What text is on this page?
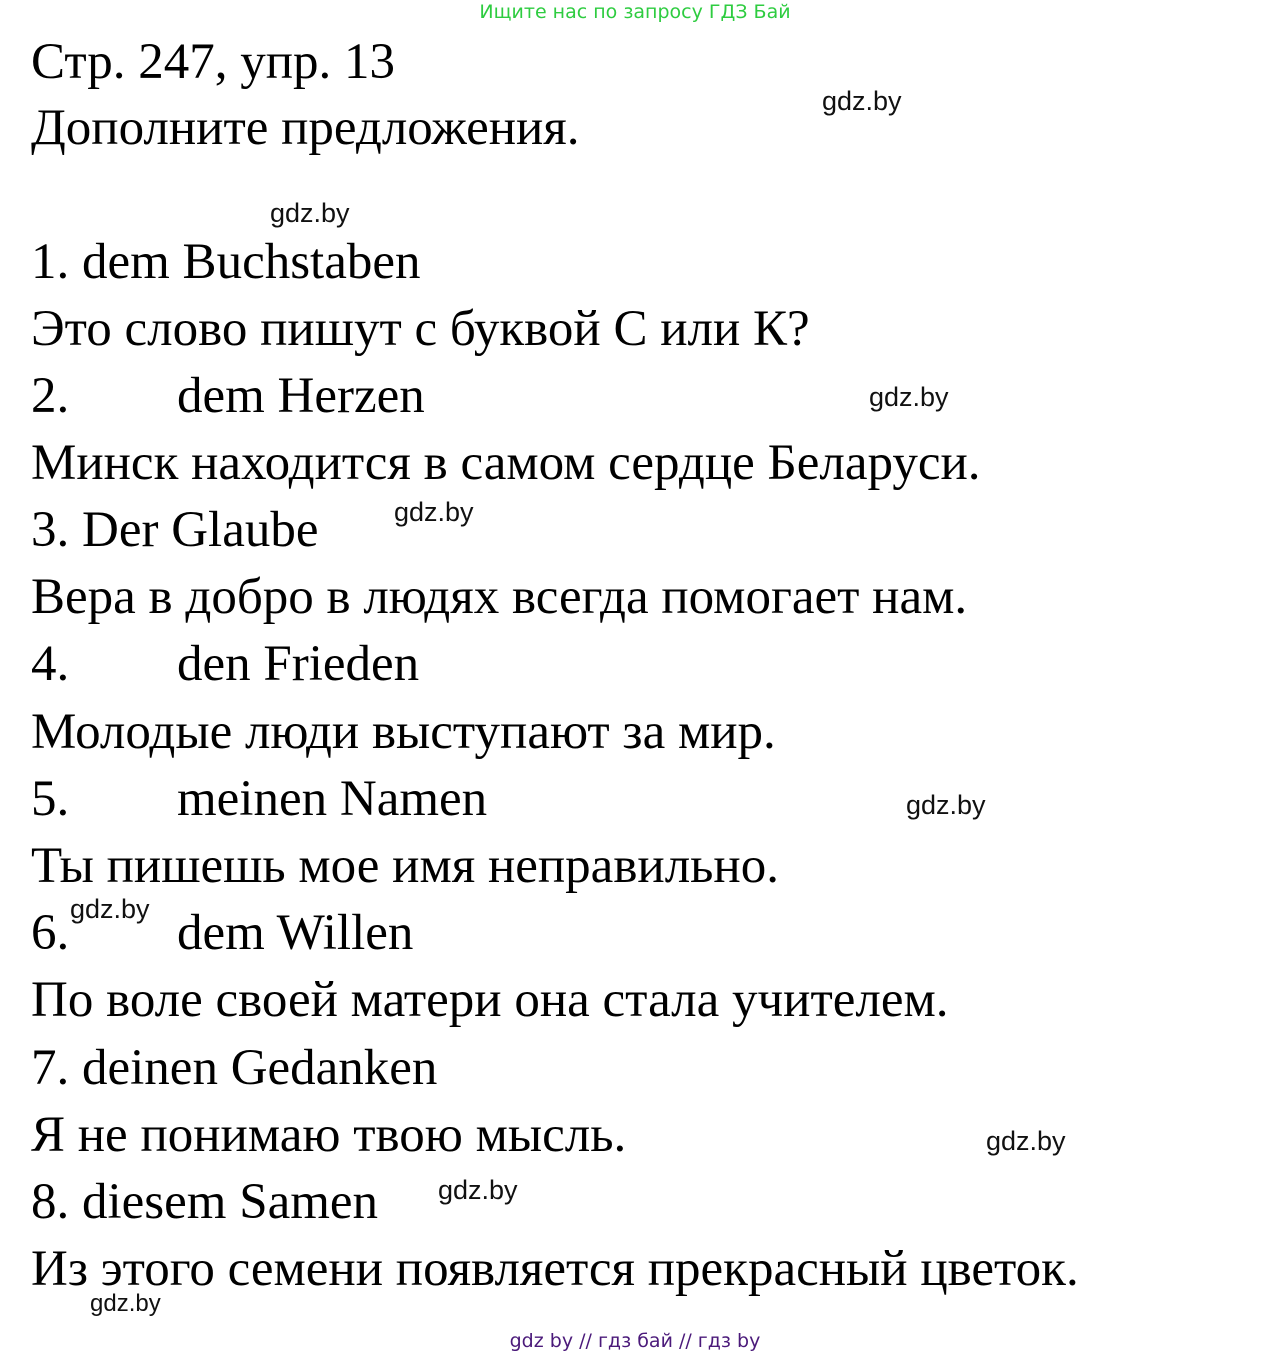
Ищите нас по запросу ГДЗ Бай
Стр. 247, упр. 13
Дополните предложения.
1. dem Buchstaben
Это слово пишут с буквой С или К?
2. dem Herzen
Минск находится в самом сердце Беларуси.
3. Der Glaube
Вера в добро в людях всегда помогает нам.
4. den Frieden
Молодые люди выступают за мир.
5. meinen Namen
Ты пишешь мое имя неправильно.
6. dem Willen
По воле своей матери она стала учителем.
7. deinen Gedanken
Я не понимаю твою мысль.
8. diesem Samen
Из этого семени появляется прекрасный цветок.
gdz.by
gdz.by
gdz.by
gdz.by
gdz.by
gdz.by
gdz.by
gdz.by
gdz.by
gdz by // гдз бай // гдз by
